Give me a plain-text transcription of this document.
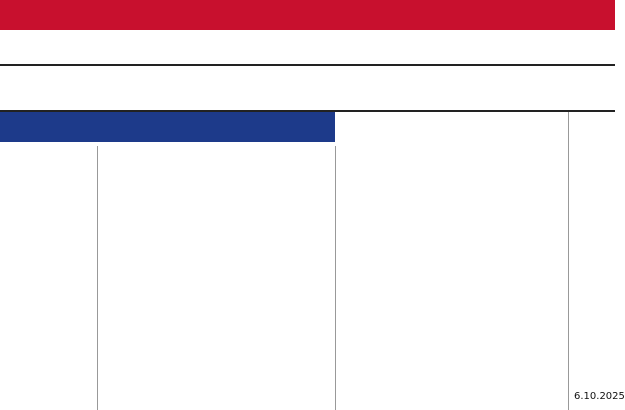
6.10.2025
